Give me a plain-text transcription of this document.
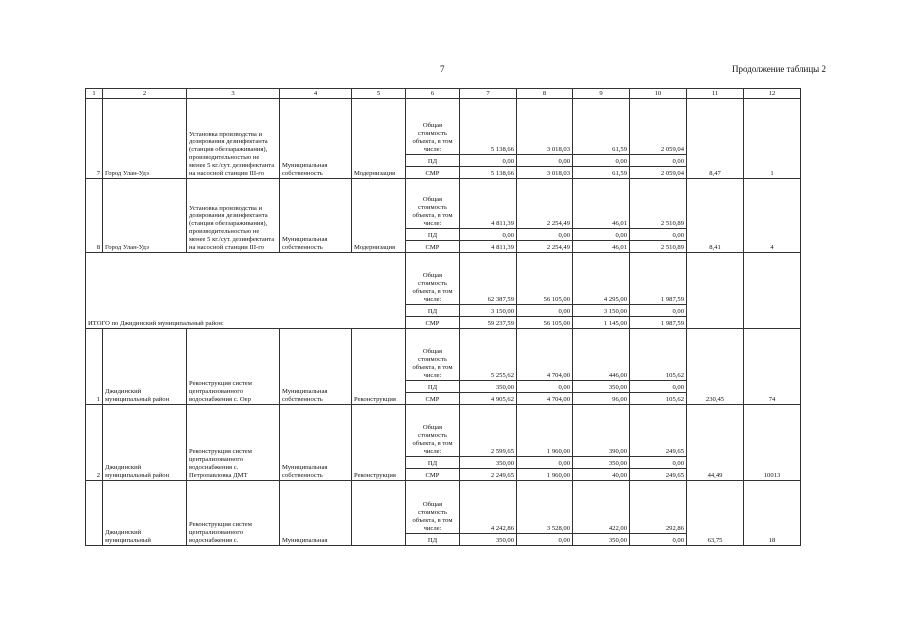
7	Продолжение таблицы 2
1	2	3	4	5	6	7	8	9	10	11	12
7	Город Улан-Удэ	Установка производства и дозирования дезинфектанта (станция обеззараживания), производительностью не менее 5 кг./сут. дезинфектанта на насосной станции III-го	Муниципальная собственность	Модернизация	Общая стоимость объекта, в том числе:	5 138,66	3 018,03	61,59	2 059,04	8,47	1
					ПД	0,00	0,00	0,00	0,00		
					СМР	5 138,66	3 018,03	61,59	2 059,04		
8	Город Улан-Удэ	Установка производства и дозирования дезинфектанта (станция обеззараживания), производительностью не менее 5 кг./сут. дезинфектанта на насосной станции III-го	Муниципальная собственность	Модернизация	Общая стоимость объекта, в том числе:	4 811,39	2 254,49	46,01	2 510,89	8,41	4
					ПД	0,00	0,00	0,00	0,00		
					СМР	4 811,39	2 254,49	46,01	2 510,89		
ИТОГО по Джидинский муниципальный район:					Общая стоимость объекта, в том числе:	62 387,59	56 105,00	4 295,00	1 987,59		
					ПД	3 150,00	0,00	3 150,00	0,00		
					СМР	59 237,59	56 105,00	1 145,00	1 987,59		
1	Джидинский муниципальный район	Реконструкция систем централизованного водоснабжения с. Оер	Муниципальная собственность	Реконструкция	Общая стоимость объекта, в том числе:	5 255,62	4 704,00	446,00	105,62	230,45	74
					ПД	350,00	0,00	350,00	0,00		
					СМР	4 905,62	4 704,00	96,00	105,62		
2	Джидинский муниципальный район	Реконструкция систем централизованного водоснабжения с. Петропавловка ДМТ	Муниципальная собственность	Реконструкция	Общая стоимость объекта, в том числе:	2 599,65	1 960,00	390,00	249,65	44,49	10013
					ПД	350,00	0,00	350,00	0,00		
					СМР	2 249,65	1 960,00	40,00	249,65		
	Джидинский муниципальный	Реконструкция систем централизованного водоснабжения с.	Муниципальная		Общая стоимость объекта, в том числе:	4 242,86	3 528,00	422,00	292,86	63,75	18
					ПД	350,00	0,00	350,00	0,00		
